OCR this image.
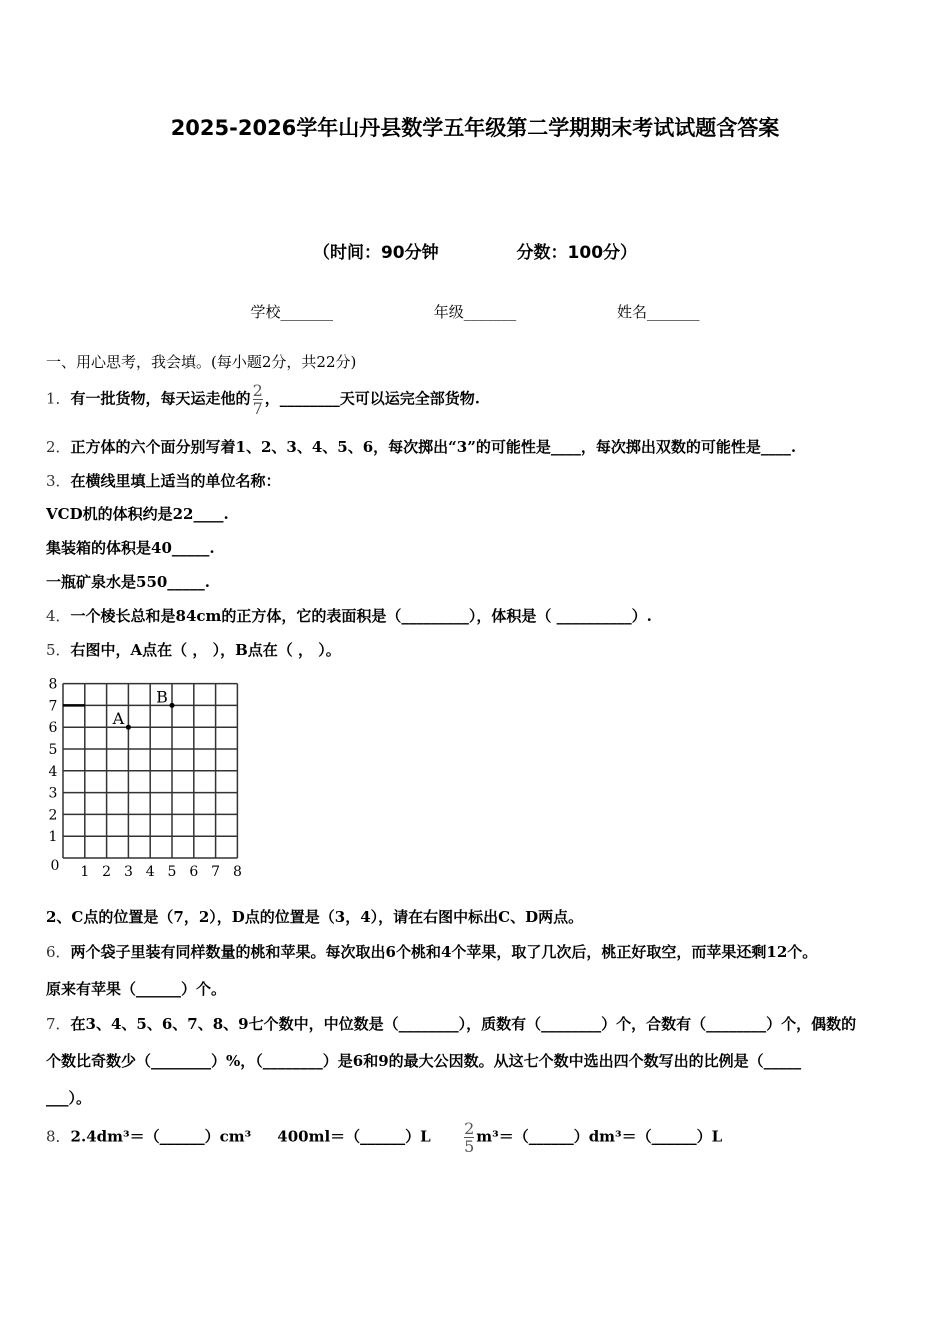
2025-2026学年山丹县数学五年级第二学期期末考试试题含答案
（时间：90分钟	分数：100分）
学校_______	年级_______	姓名_______
一、用心思考，我会填。(每小题2分，共22分)
1．有一批货物，每天运走他的 $\frac{2}{7}$ ，________天可以运完全部货物.
2．正方体的六个面分别写着1、2、3、4、5、6，每次掷出“3”的可能性是____，每次掷出双数的可能性是____.
3．在横线里填上适当的单位名称：
VCD机的体积约是22____.
集装箱的体积是40_____.
一瓶矿泉水是550_____.
4．一个棱长总和是84cm的正方体，它的表面积是（_________），体积是（ __________）.
5．右图中，A点在（ ， ），B点在（ ， ）。
0 1 2 3 4 5 6 7 8
1
2
3
4
5
6
7
8
A
B
2、C点的位置是（7，2），D点的位置是（3，4），请在右图中标出C、D两点。
6．两个袋子里装有同样数量的桃和苹果。每次取出6个桃和4个苹果，取了几次后，桃正好取空，而苹果还剩12个。
原来有苹果（______）个。
7．在3、4、5、6、7、8、9七个数中，中位数是（________），质数有（________）个，合数有（________）个，偶数的
个数比奇数少（________）%，（________）是6和9的最大公因数。从这七个数中选出四个数写出的比例是（_____
___）。
8．2.4dm³＝（______）cm³ 400ml＝（______）L $\frac{2}{5}$ m³＝（______）dm³＝（______）L
